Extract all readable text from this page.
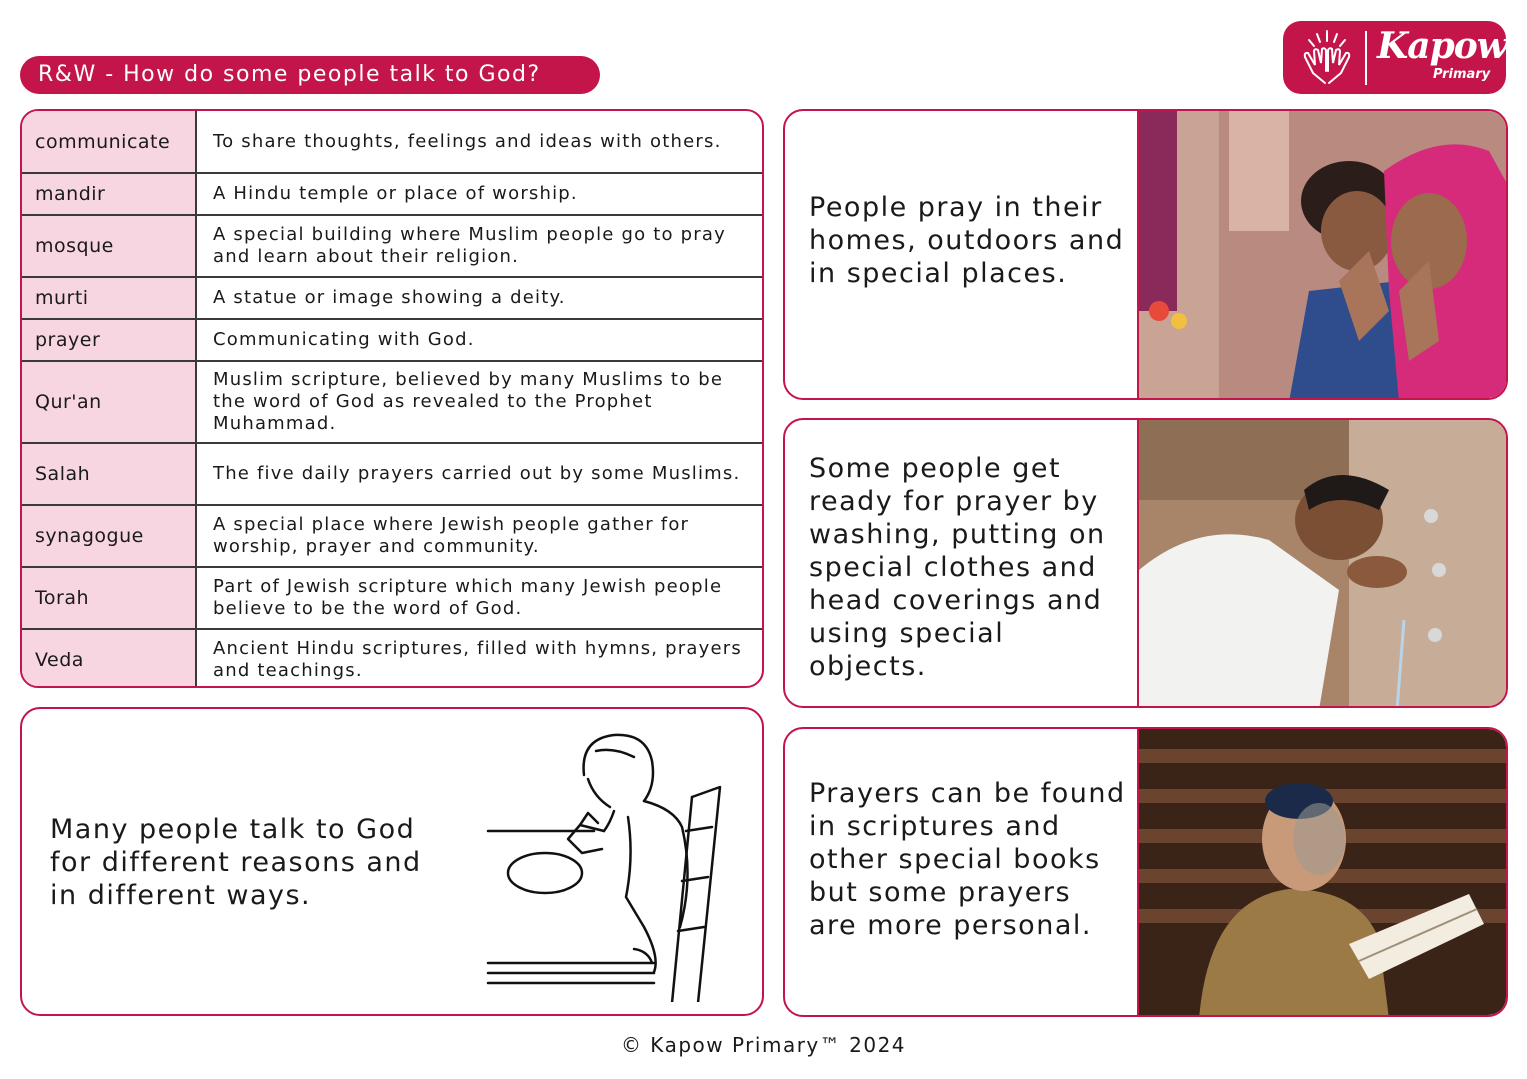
R&W - How do some people talk to God?
Kapow
Primary
communicate	To share thoughts, feelings and ideas with others.
mandir	A Hindu temple or place of worship.
mosque	A special building where Muslim people go to pray and learn about their religion.
murti	A statue or image showing a deity.
prayer	Communicating with God.
Qur'an	Muslim scripture, believed by many Muslims to be the word of God as revealed to the Prophet Muhammad.
Salah	The five daily prayers carried out by some Muslims.
synagogue	A special place where Jewish people gather for worship, prayer and community.
Torah	Part of Jewish scripture which many Jewish people believe to be the word of God.
Veda	Ancient Hindu scriptures, filled with hymns, prayers and teachings.
Many people talk to God for different reasons and in different ways.
People pray in their homes, outdoors and in special places.
Some people get ready for prayer by washing, putting on special clothes and head coverings and using special objects.
Prayers can be found in scriptures and other special books but some prayers are more personal.
© Kapow Primary™ 2024
